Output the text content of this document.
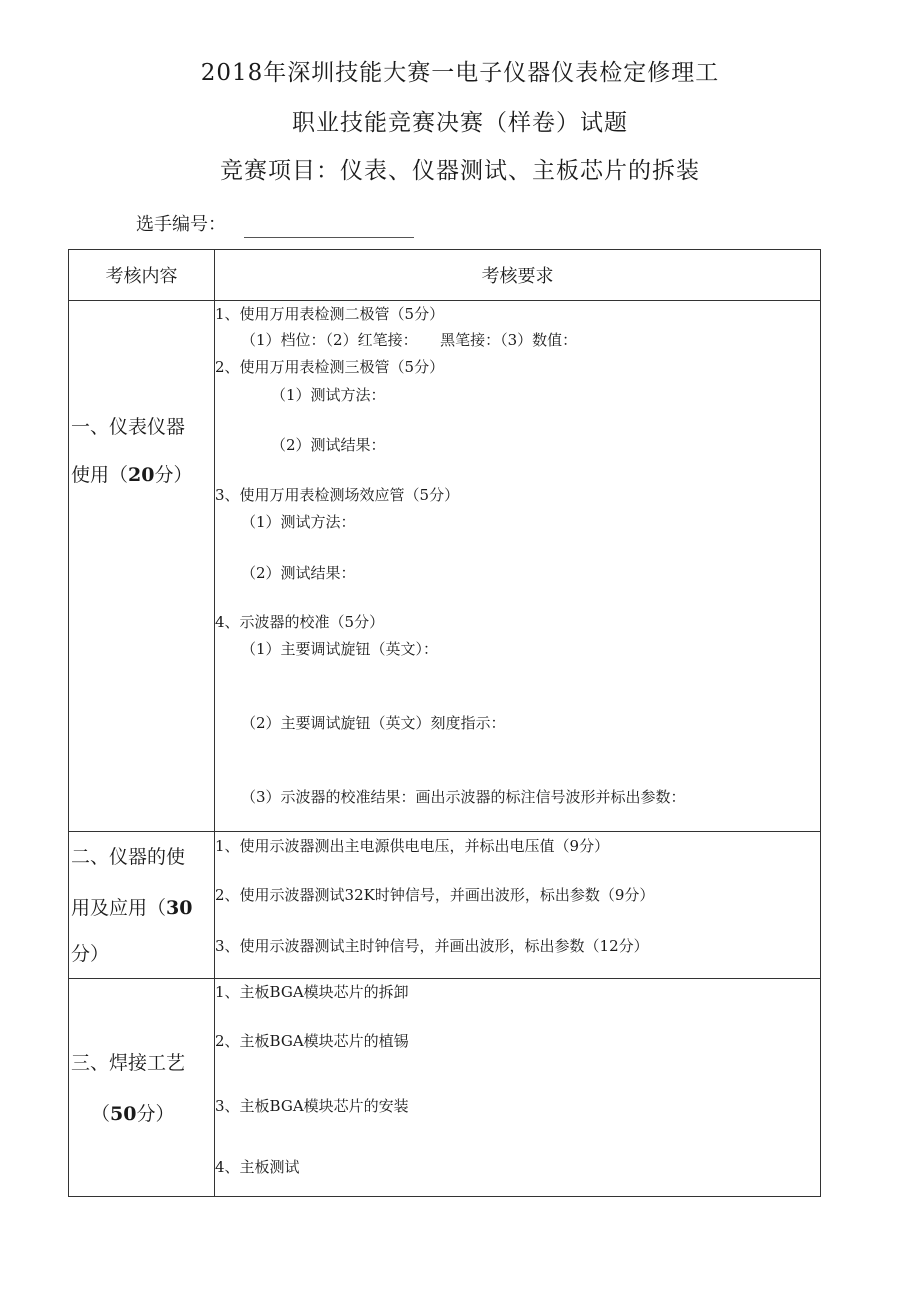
2018年深圳技能大赛一电子仪器仪表检定修理工
职业技能竞赛决赛（样卷）试题
竞赛项目：仪表、仪器测试、主板芯片的拆装
选手编号：
考核内容	考核要求
一、仪表仪器
使用（20分）
1、使用万用表检测二极管（5分）
（1）档位：（2）红笔接：　　黑笔接：（3）数值：
2、使用万用表检测三极管（5分）
（1）测试方法：
（2）测试结果：
3、使用万用表检测场效应管（5分）
（1）测试方法：
（2）测试结果：
4、示波器的校准（5分）
（1）主要调试旋钮（英文）：
（2）主要调试旋钮（英文）刻度指示：
（3）示波器的校准结果：画出示波器的标注信号波形并标出参数：
二、仪器的使
用及应用（30
分）
1、使用示波器测出主电源供电电压，并标出电压值（9分）
2、使用示波器测试32K时钟信号，并画出波形，标出参数（9分）
3、使用示波器测试主时钟信号，并画出波形，标出参数（12分）
三、焊接工艺
（50分）
1、主板BGA模块芯片的拆卸
2、主板BGA模块芯片的植锡
3、主板BGA模块芯片的安装
4、主板测试
